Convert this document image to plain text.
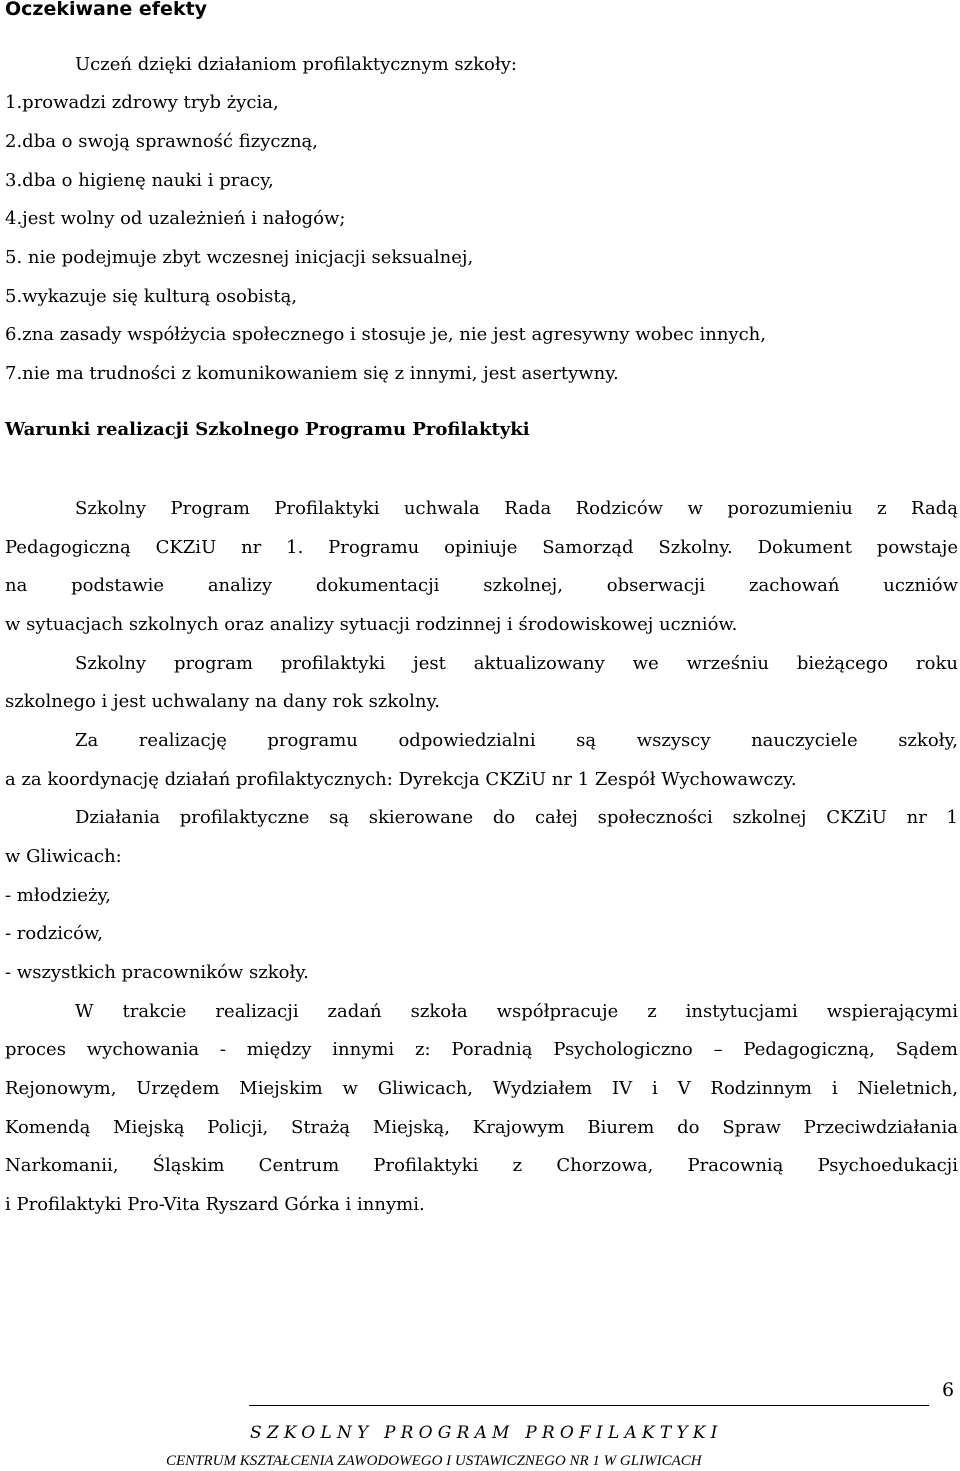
Oczekiwane efekty
Uczeń dzięki działaniom profilaktycznym szkoły:
1.prowadzi zdrowy tryb życia,
2.dba o swoją sprawność fizyczną,
3.dba o higienę nauki i pracy,
4.jest wolny od uzależnień i nałogów;
5. nie podejmuje zbyt wczesnej inicjacji seksualnej,
5.wykazuje się kulturą osobistą,
6.zna zasady współżycia społecznego i stosuje je, nie jest agresywny wobec innych,
7.nie ma trudności z komunikowaniem się z innymi, jest asertywny.
Warunki realizacji Szkolnego Programu Profilaktyki
Szkolny Program Profilaktyki uchwala Rada Rodziców w porozumieniu z Radą
Pedagogiczną CKZiU nr 1. Programu opiniuje Samorząd Szkolny. Dokument powstaje
na podstawie analizy dokumentacji szkolnej, obserwacji zachowań uczniów
w sytuacjach szkolnych oraz analizy sytuacji rodzinnej i środowiskowej uczniów.
Szkolny program profilaktyki jest aktualizowany we wrześniu bieżącego roku
szkolnego i jest uchwalany na dany rok szkolny.
Za realizację programu odpowiedzialni są wszyscy nauczyciele szkoły,
a za koordynację działań profilaktycznych: Dyrekcja CKZiU nr 1 Zespół Wychowawczy.
Działania profilaktyczne są skierowane do całej społeczności szkolnej CKZiU nr 1
w Gliwicach:
- młodzieży,
- rodziców,
- wszystkich pracowników szkoły.
W trakcie realizacji zadań szkoła współpracuje z instytucjami wspierającymi
proces wychowania - między innymi z: Poradnią Psychologiczno – Pedagogiczną, Sądem
Rejonowym, Urzędem Miejskim w Gliwicach, Wydziałem IV i V Rodzinnym i Nieletnich,
Komendą Miejską Policji, Strażą Miejską, Krajowym Biurem do Spraw Przeciwdziałania
Narkomanii, Śląskim Centrum Profilaktyki z Chorzowa, Pracownią Psychoedukacji
i Profilaktyki Pro-Vita Ryszard Górka i innymi.
6
SZKOLNY PROGRAM PROFILAKTYKI
CENTRUM KSZTAŁCENIA ZAWODOWEGO I USTAWICZNEGO NR 1 W GLIWICACH
